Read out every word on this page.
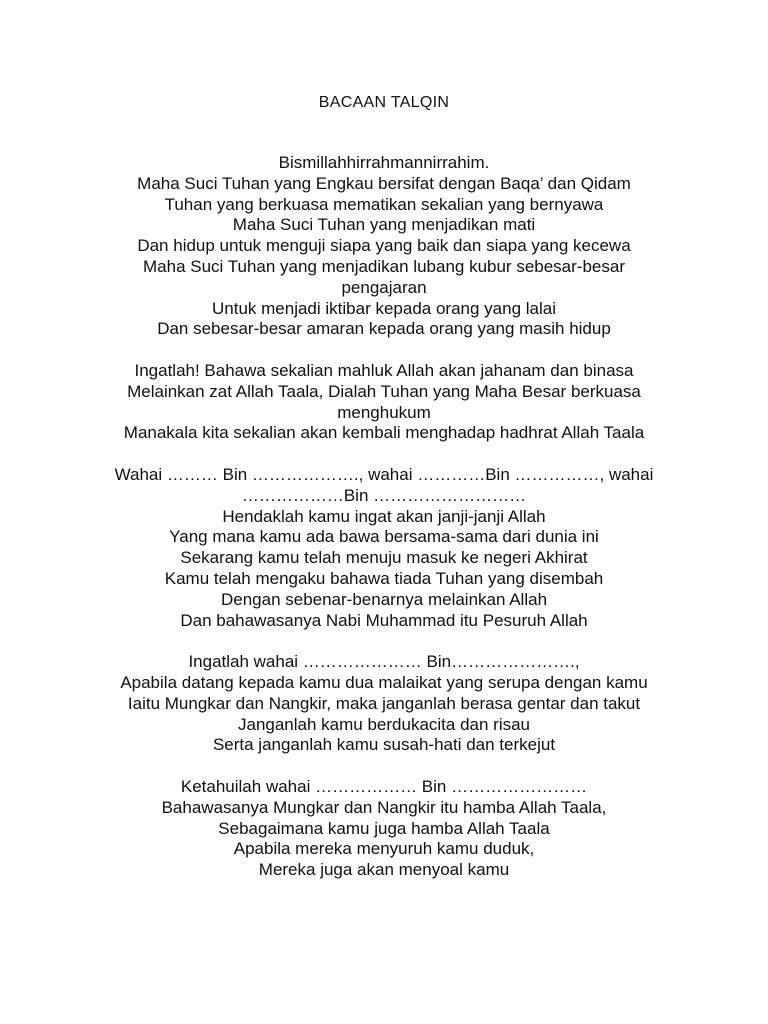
BACAAN TALQIN
Bismillahhirrahmannirrahim.
Maha Suci Tuhan yang Engkau bersifat dengan Baqa’ dan Qidam
Tuhan yang berkuasa mematikan sekalian yang bernyawa
Maha Suci Tuhan yang menjadikan mati
Dan hidup untuk menguji siapa yang baik dan siapa yang kecewa
Maha Suci Tuhan yang menjadikan lubang kubur sebesar-besar
pengajaran
Untuk menjadi iktibar kepada orang yang lalai
Dan sebesar-besar amaran kepada orang yang masih hidup
Ingatlah! Bahawa sekalian mahluk Allah akan jahanam dan binasa
Melainkan zat Allah Taala, Dialah Tuhan yang Maha Besar berkuasa
menghukum
Manakala kita sekalian akan kembali menghadap hadhrat Allah Taala
Wahai ……… Bin ………………., wahai …………Bin ……………, wahai
………………Bin ………………………
Hendaklah kamu ingat akan janji-janji Allah
Yang mana kamu ada bawa bersama-sama dari dunia ini
Sekarang kamu telah menuju masuk ke negeri Akhirat
Kamu telah mengaku bahawa tiada Tuhan yang disembah
Dengan sebenar-benarnya melainkan Allah
Dan bahawasanya Nabi Muhammad itu Pesuruh Allah
Ingatlah wahai ………………… Bin………………….,
Apabila datang kepada kamu dua malaikat yang serupa dengan kamu
Iaitu Mungkar dan Nangkir, maka janganlah berasa gentar dan takut
Janganlah kamu berdukacita dan risau
Serta janganlah kamu susah-hati dan terkejut
Ketahuilah wahai ……………… Bin ……………………
Bahawasanya Mungkar dan Nangkir itu hamba Allah Taala,
Sebagaimana kamu juga hamba Allah Taala
Apabila mereka menyuruh kamu duduk,
Mereka juga akan menyoal kamu
